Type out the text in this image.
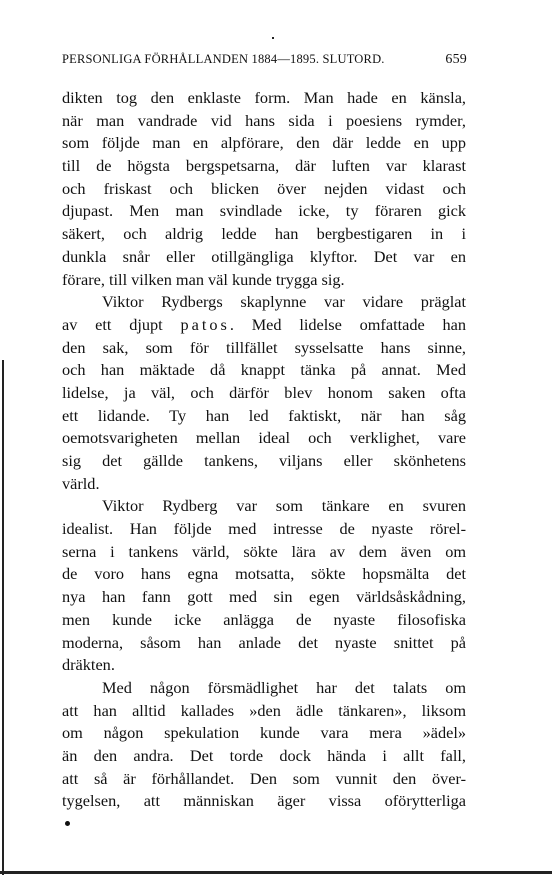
PERSONLIGA FÖRHÅLLANDEN 1884—1895. SLUTORD.	659
dikten tog den enklaste form. Man hade en känsla,
när man vandrade vid hans sida i poesiens rymder,
som följde man en alpförare, den där ledde en upp
till de högsta bergspetsarna, där luften var klarast
och friskast och blicken över nejden vidast och
djupast. Men man svindlade icke, ty föraren gick
säkert, och aldrig ledde han bergbestigaren in i
dunkla snår eller otillgängliga klyftor. Det var en
förare, till vilken man väl kunde trygga sig.
Viktor Rydbergs skaplynne var vidare präglat
av ett djupt patos. Med lidelse omfattade han
den sak, som för tillfället sysselsatte hans sinne,
och han mäktade då knappt tänka på annat. Med
lidelse, ja väl, och därför blev honom saken ofta
ett lidande. Ty han led faktiskt, när han såg
oemotsvarigheten mellan ideal och verklighet, vare
sig det gällde tankens, viljans eller skönhetens
värld.
Viktor Rydberg var som tänkare en svuren
idealist. Han följde med intresse de nyaste rörel-
serna i tankens värld, sökte lära av dem även om
de voro hans egna motsatta, sökte hopsmälta det
nya han fann gott med sin egen världsåskådning,
men kunde icke anlägga de nyaste filosofiska
moderna, såsom han anlade det nyaste snittet på
dräkten.
Med någon försmädlighet har det talats om
att han alltid kallades »den ädle tänkaren», liksom
om någon spekulation kunde vara mera »ädel»
än den andra. Det torde dock hända i allt fall,
att så är förhållandet. Den som vunnit den över-
tygelsen, att människan äger vissa oförytterliga
